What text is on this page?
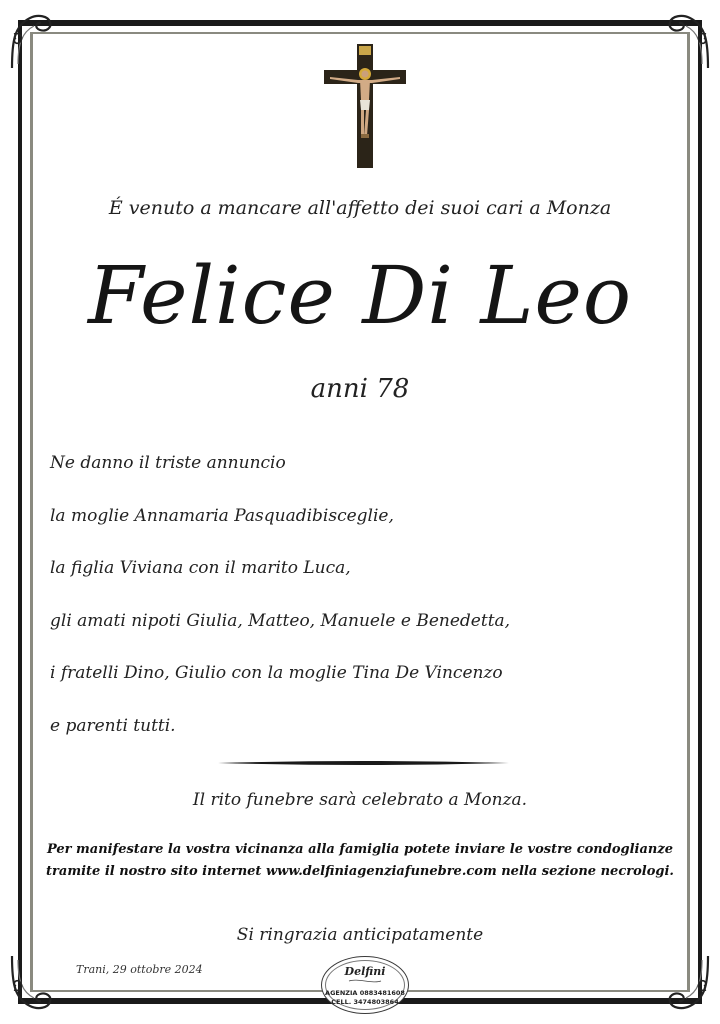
É venuto a mancare all'affetto dei suoi cari a Monza
Felice Di Leo
anni 78
Ne danno il triste annuncio
la moglie Annamaria Pasquadibisceglie,
la figlia Viviana con il marito Luca,
gli amati nipoti Giulia, Matteo, Manuele e Benedetta,
i fratelli Dino, Giulio con la moglie Tina De Vincenzo
e parenti tutti.
Il rito funebre sarà celebrato a Monza.
Per manifestare la vostra vicinanza alla famiglia potete inviare le vostre condoglianze
tramite il nostro sito internet www.delfiniagenziafunebre.com nella sezione necrologi.
Si ringrazia anticipatamente
Trani, 29 ottobre 2024	Delfini
AGENZIA 0883481608
CELL. 3474803864
